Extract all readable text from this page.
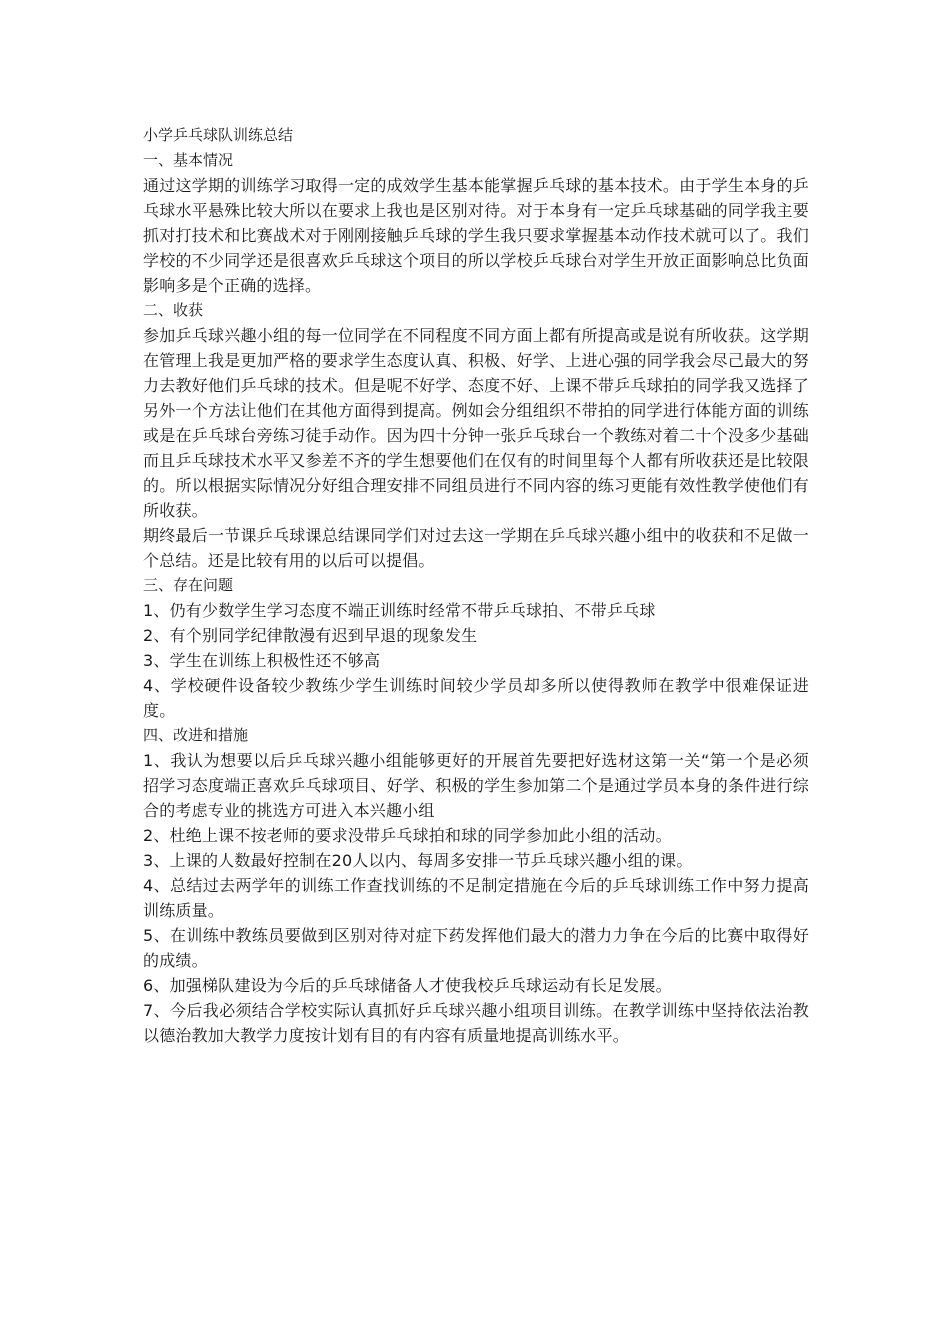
小学乒乓球队训练总结

一、基本情况

通过这学期的训练学习取得一定的成效学生基本能掌握乒乓球的基本技术。由于学生本身的乒乓球水平悬殊比较大所以在要求上我也是区别对待。对于本身有一定乒乓球基础的同学我主要抓对打技术和比赛战术对于刚刚接触乒乓球的学生我只要求掌握基本动作技术就可以了。我们学校的不少同学还是很喜欢乒乓球这个项目的所以学校乒乓球台对学生开放正面影响总比负面影响多是个正确的选择。

二、收获

参加乒乓球兴趣小组的每一位同学在不同程度不同方面上都有所提高或是说有所收获。这学期在管理上我是更加严格的要求学生态度认真、积极、好学、上进心强的同学我会尽己最大的努力去教好他们乒乓球的技术。但是呢不好学、态度不好、上课不带乒乓球拍的同学我又选择了另外一个方法让他们在其他方面得到提高。例如会分组组织不带拍的同学进行体能方面的训练或是在乒乓球台旁练习徒手动作。因为四十分钟一张乒乓球台一个教练对着二十个没多少基础而且乒乓球技术水平又参差不齐的学生想要他们在仅有的时间里每个人都有所收获还是比较限的。所以根据实际情况分好组合理安排不同组员进行不同内容的练习更能有效性教学使他们有所收获。

期终最后一节课乒乓球课总结课同学们对过去这一学期在乒乓球兴趣小组中的收获和不足做一个总结。还是比较有用的以后可以提倡。

三、存在问题

1、仍有少数学生学习态度不端正训练时经常不带乒乓球拍、不带乒乓球

2、有个别同学纪律散漫有迟到早退的现象发生

3、学生在训练上积极性还不够高

4、学校硬件设备较少教练少学生训练时间较少学员却多所以使得教师在教学中很难保证进度。

四、改进和措施

1、我认为想要以后乒乓球兴趣小组能够更好的开展首先要把好选材这第一关“第一个是必须招学习态度端正喜欢乒乓球项目、好学、积极的学生参加第二个是通过学员本身的条件进行综合的考虑专业的挑选方可进入本兴趣小组

2、杜绝上课不按老师的要求没带乒乓球拍和球的同学参加此小组的活动。

3、上课的人数最好控制在20人以内、每周多安排一节乒乓球兴趣小组的课。

4、总结过去两学年的训练工作查找训练的不足制定措施在今后的乒乓球训练工作中努力提高训练质量。

5、在训练中教练员要做到区别对待对症下药发挥他们最大的潜力力争在今后的比赛中取得好的成绩。

6、加强梯队建设为今后的乒乓球储备人才使我校乒乓球运动有长足发展。

7、今后我必须结合学校实际认真抓好乒乓球兴趣小组项目训练。在教学训练中坚持依法治教以德治教加大教学力度按计划有目的有内容有质量地提高训练水平。
